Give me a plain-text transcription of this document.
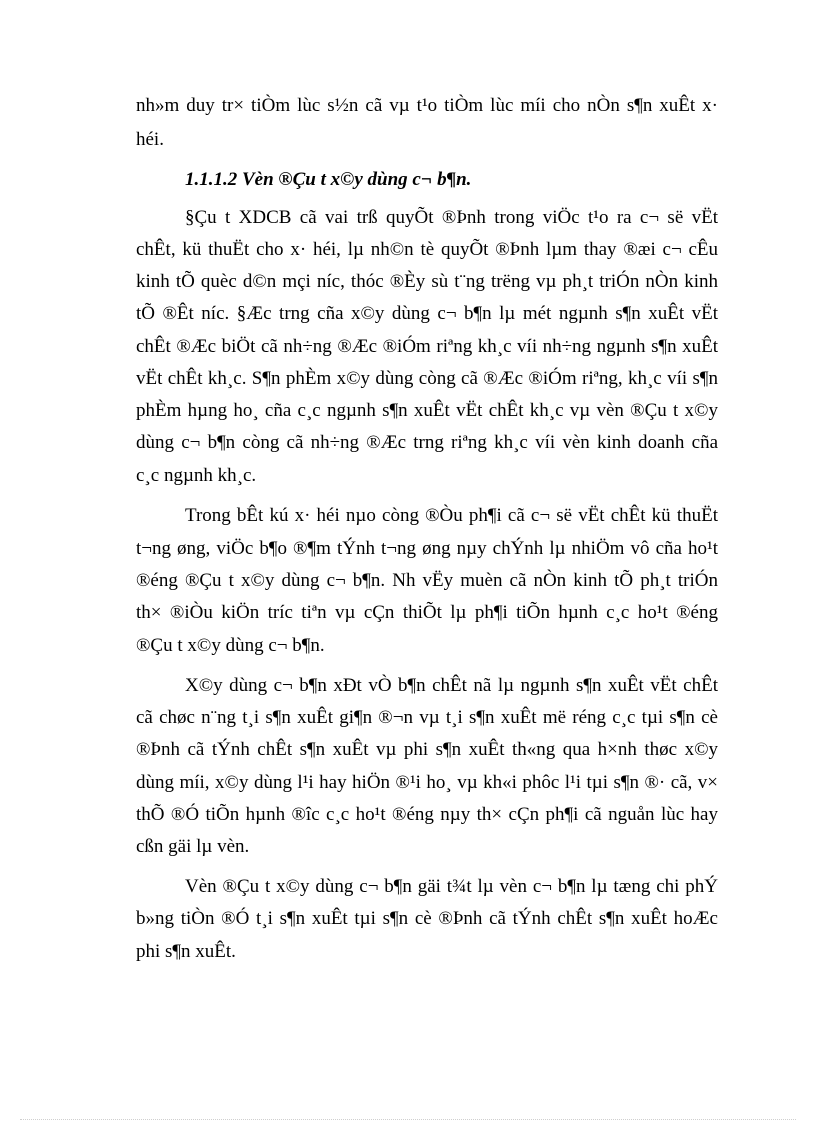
nh»m duy tr× tiÒm lùc s½n cã vµ t¹o tiÒm lùc míi cho nÒn s¶n xuÊt x·
héi.
1.1.1.2 Vèn ®Çu t x©y dùng c¬ b¶n.
§Çu t XDCB cã vai trß quyÕt ®Þnh trong viÖc t¹o ra c¬ së vËt
chÊt, kü thuËt cho x· héi, lµ nh©n tè quyÕt ®Þnh lµm thay ®æi c¬ cÊu
kinh tÕ quèc d©n mçi níc, thóc ®Èy sù t¨ng trëng vµ ph¸t triÓn nÒn kinh
tÕ ®Êt níc. §Æc trng cña x©y dùng c¬ b¶n lµ mét ngµnh s¶n xuÊt vËt
chÊt ®Æc biÖt cã nh÷ng ®Æc ®iÓm riªng kh¸c víi nh÷ng ngµnh s¶n xuÊt
vËt chÊt kh¸c. S¶n phÈm x©y dùng còng cã ®Æc ®iÓm riªng, kh¸c víi s¶n
phÈm hµng ho¸ cña c¸c ngµnh s¶n xuÊt vËt chÊt kh¸c vµ vèn ®Çu t x©y
dùng c¬ b¶n còng cã nh÷ng ®Æc trng riªng kh¸c víi vèn kinh doanh cña
c¸c ngµnh kh¸c.
Trong bÊt kú x· héi nµo còng ®Òu ph¶i cã c¬ së vËt chÊt kü thuËt
t¬ng øng, viÖc b¶o ®¶m tÝnh t¬ng øng nµy chÝnh lµ nhiÖm vô cña ho¹t
®éng ®Çu t x©y dùng c¬ b¶n. Nh vËy muèn cã nÒn kinh tÕ ph¸t triÓn
th× ®iÒu kiÖn tríc tiªn vµ cÇn thiÕt lµ ph¶i tiÕn hµnh c¸c ho¹t ®éng
®Çu t x©y dùng c¬ b¶n.
X©y dùng c¬ b¶n xÐt vÒ b¶n chÊt nã lµ ngµnh s¶n xuÊt vËt chÊt
cã chøc n¨ng t¸i s¶n xuÊt gi¶n ®¬n vµ t¸i s¶n xuÊt më réng c¸c tµi s¶n cè
®Þnh cã tÝnh chÊt s¶n xuÊt vµ phi s¶n xuÊt th«ng qua h×nh thøc x©y
dùng míi, x©y dùng l¹i hay hiÖn ®¹i ho¸ vµ kh«i phôc l¹i tµi s¶n ®· cã, v×
thÕ ®Ó tiÕn hµnh ®îc c¸c ho¹t ®éng nµy th× cÇn ph¶i cã nguån lùc hay
cßn gäi lµ vèn.
Vèn ®Çu t x©y dùng c¬ b¶n gäi t¾t lµ vèn c¬ b¶n lµ tæng chi phÝ
b»ng tiÒn ®Ó t¸i s¶n xuÊt tµi s¶n cè ®Þnh cã tÝnh chÊt s¶n xuÊt hoÆc
phi s¶n xuÊt.
